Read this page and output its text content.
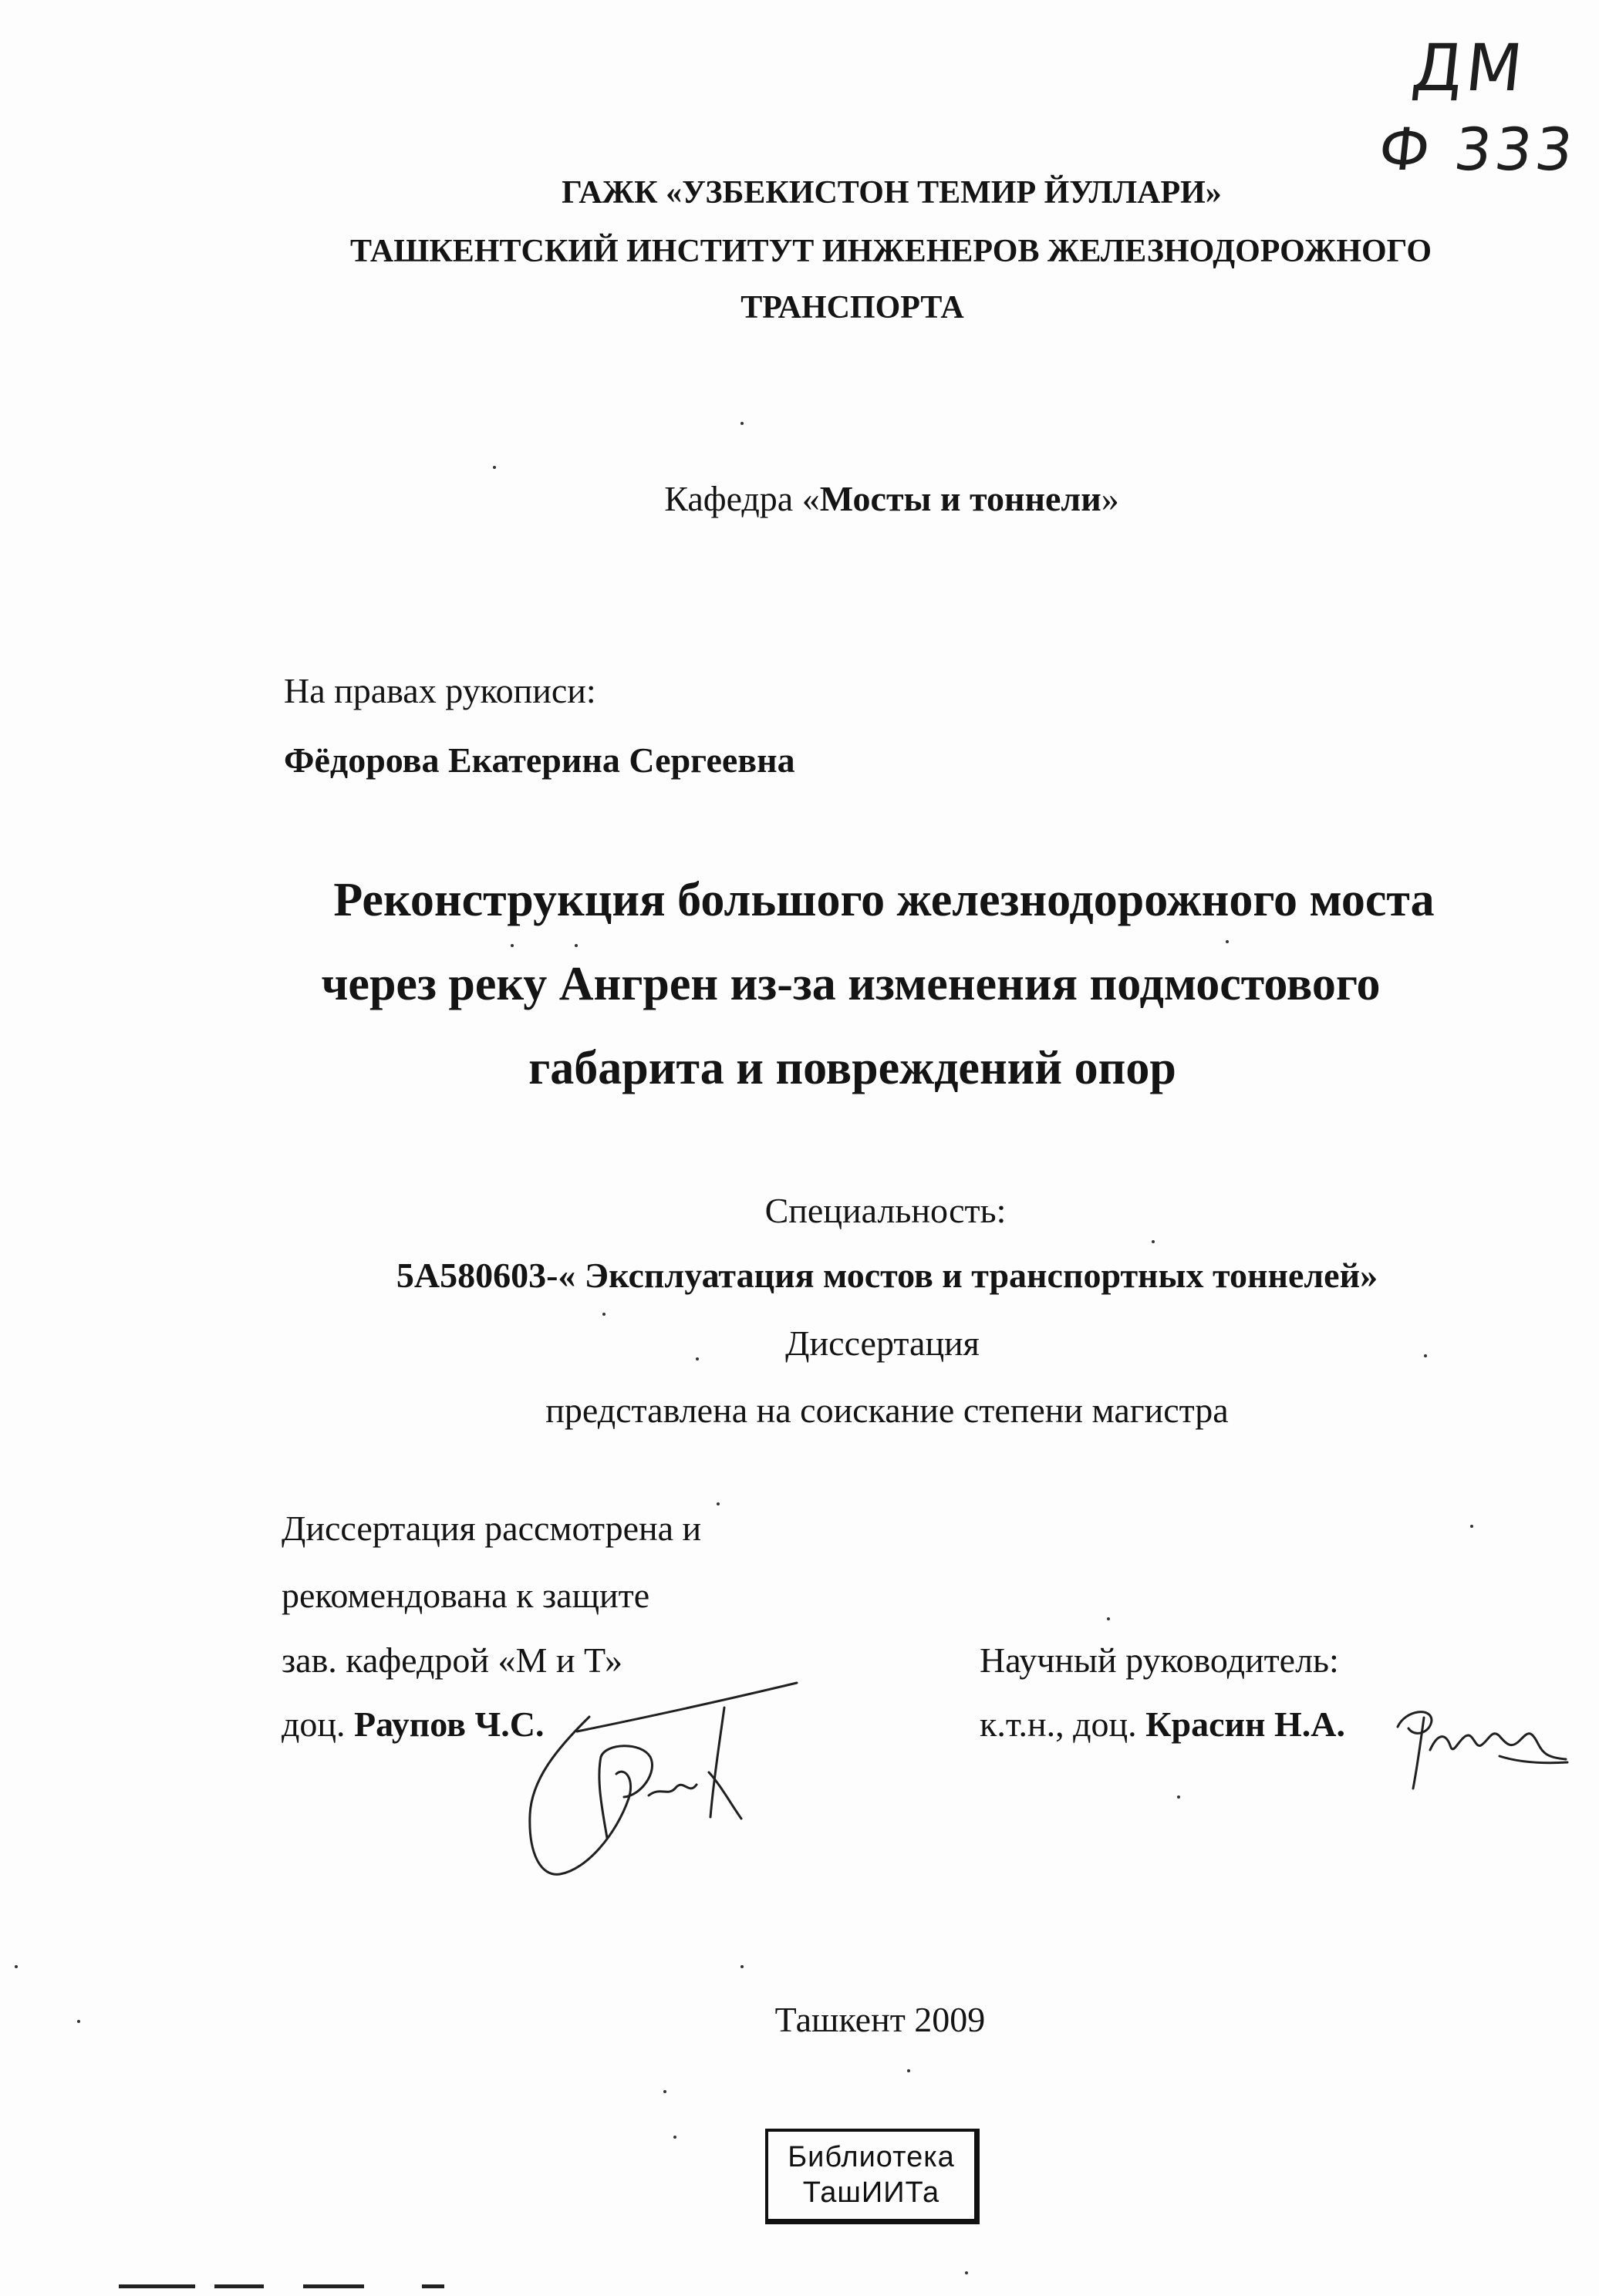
ДМ
Ф 333
ГАЖК «УЗБЕКИСТОН ТЕМИР ЙУЛЛАРИ»
ТАШКЕНТСКИЙ ИНСТИТУТ ИНЖЕНЕРОВ ЖЕЛЕЗНОДОРОЖНОГО
ТРАНСПОРТА
Кафедра «Мосты и тоннели»
На правах рукописи:
Фёдорова Екатерина Сергеевна
Реконструкция большого железнодорожного моста
через реку Ангрен из-за изменения подмостового
габарита и повреждений опор
Специальность:
5А580603-« Эксплуатация мостов и транспортных тоннелей»
Диссертация
представлена на соискание степени магистра
Диссертация рассмотрена и
рекомендована к защите
зав. кафедрой «М и Т»
доц. Раупов Ч.С.
Научный руководитель:
к.т.н., доц. Красин Н.А.
Ташкент 2009
Библиотека
ТашИИТа
